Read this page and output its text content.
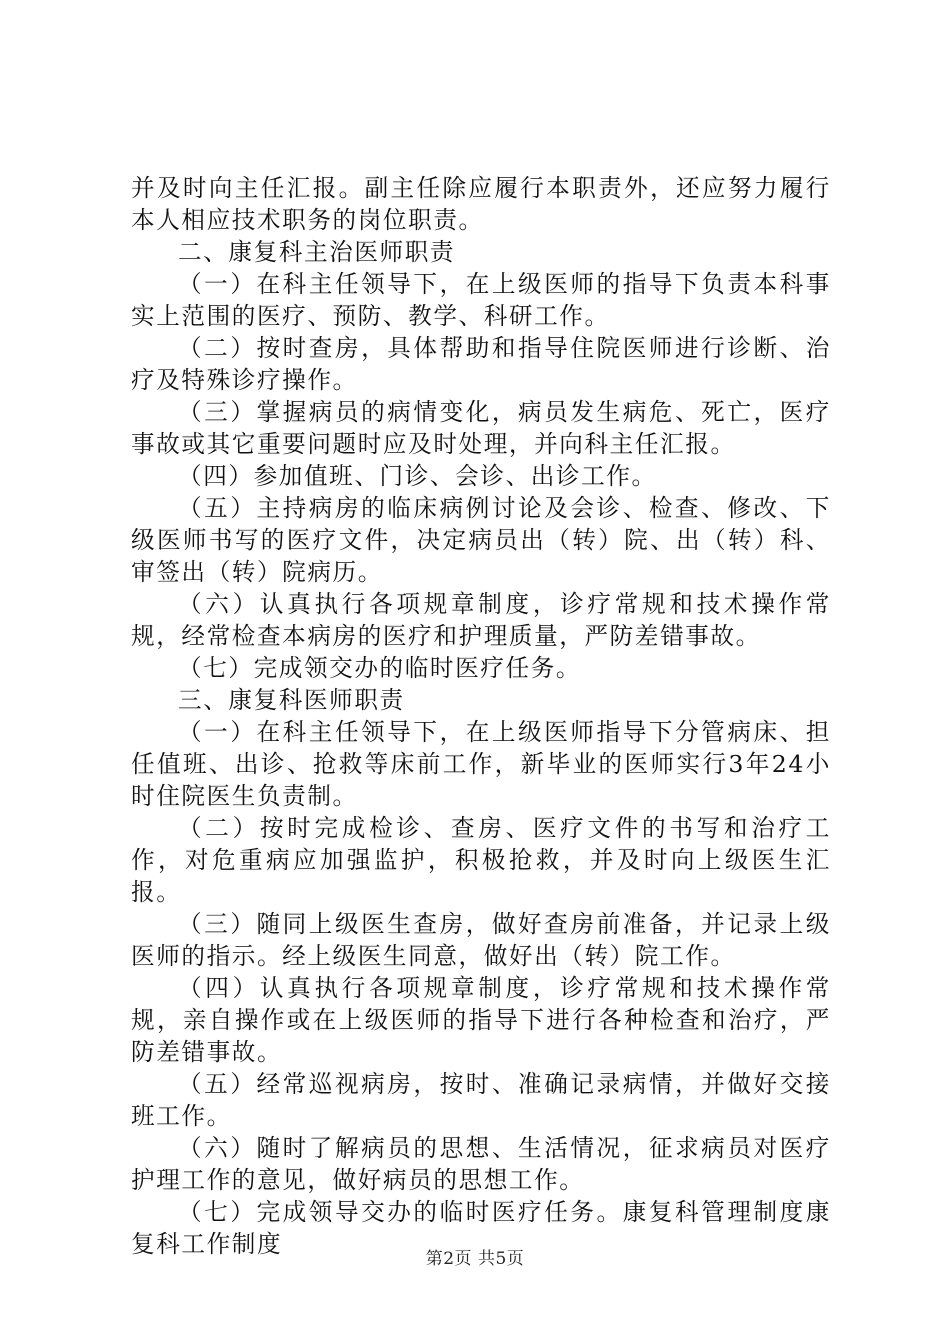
并及时向主任汇报。副主任除应履行本职责外，还应努力履行本人相应技术职务的岗位职责。

二、康复科主治医师职责

（一）在科主任领导下，在上级医师的指导下负责本科事实上范围的医疗、预防、教学、科研工作。

（二）按时查房，具体帮助和指导住院医师进行诊断、治疗及特殊诊疗操作。

（三）掌握病员的病情变化，病员发生病危、死亡，医疗事故或其它重要问题时应及时处理，并向科主任汇报。

（四）参加值班、门诊、会诊、出诊工作。

（五）主持病房的临床病例讨论及会诊、检查、修改、下级医师书写的医疗文件，决定病员出（转）院、出（转）科、审签出（转）院病历。

（六）认真执行各项规章制度，诊疗常规和技术操作常规，经常检查本病房的医疗和护理质量，严防差错事故。

（七）完成领交办的临时医疗任务。

三、康复科医师职责

（一）在科主任领导下，在上级医师指导下分管病床、担任值班、出诊、抢救等床前工作，新毕业的医师实行3年24小时住院医生负责制。

（二）按时完成检诊、查房、医疗文件的书写和治疗工作，对危重病应加强监护，积极抢救，并及时向上级医生汇报。

（三）随同上级医生查房，做好查房前准备，并记录上级医师的指示。经上级医生同意，做好出（转）院工作。

（四）认真执行各项规章制度，诊疗常规和技术操作常规，亲自操作或在上级医师的指导下进行各种检查和治疗，严防差错事故。

（五）经常巡视病房，按时、准确记录病情，并做好交接班工作。

（六）随时了解病员的思想、生活情况，征求病员对医疗护理工作的意见，做好病员的思想工作。

（七）完成领导交办的临时医疗任务。康复科管理制度康复科工作制度

第2页 共5页
